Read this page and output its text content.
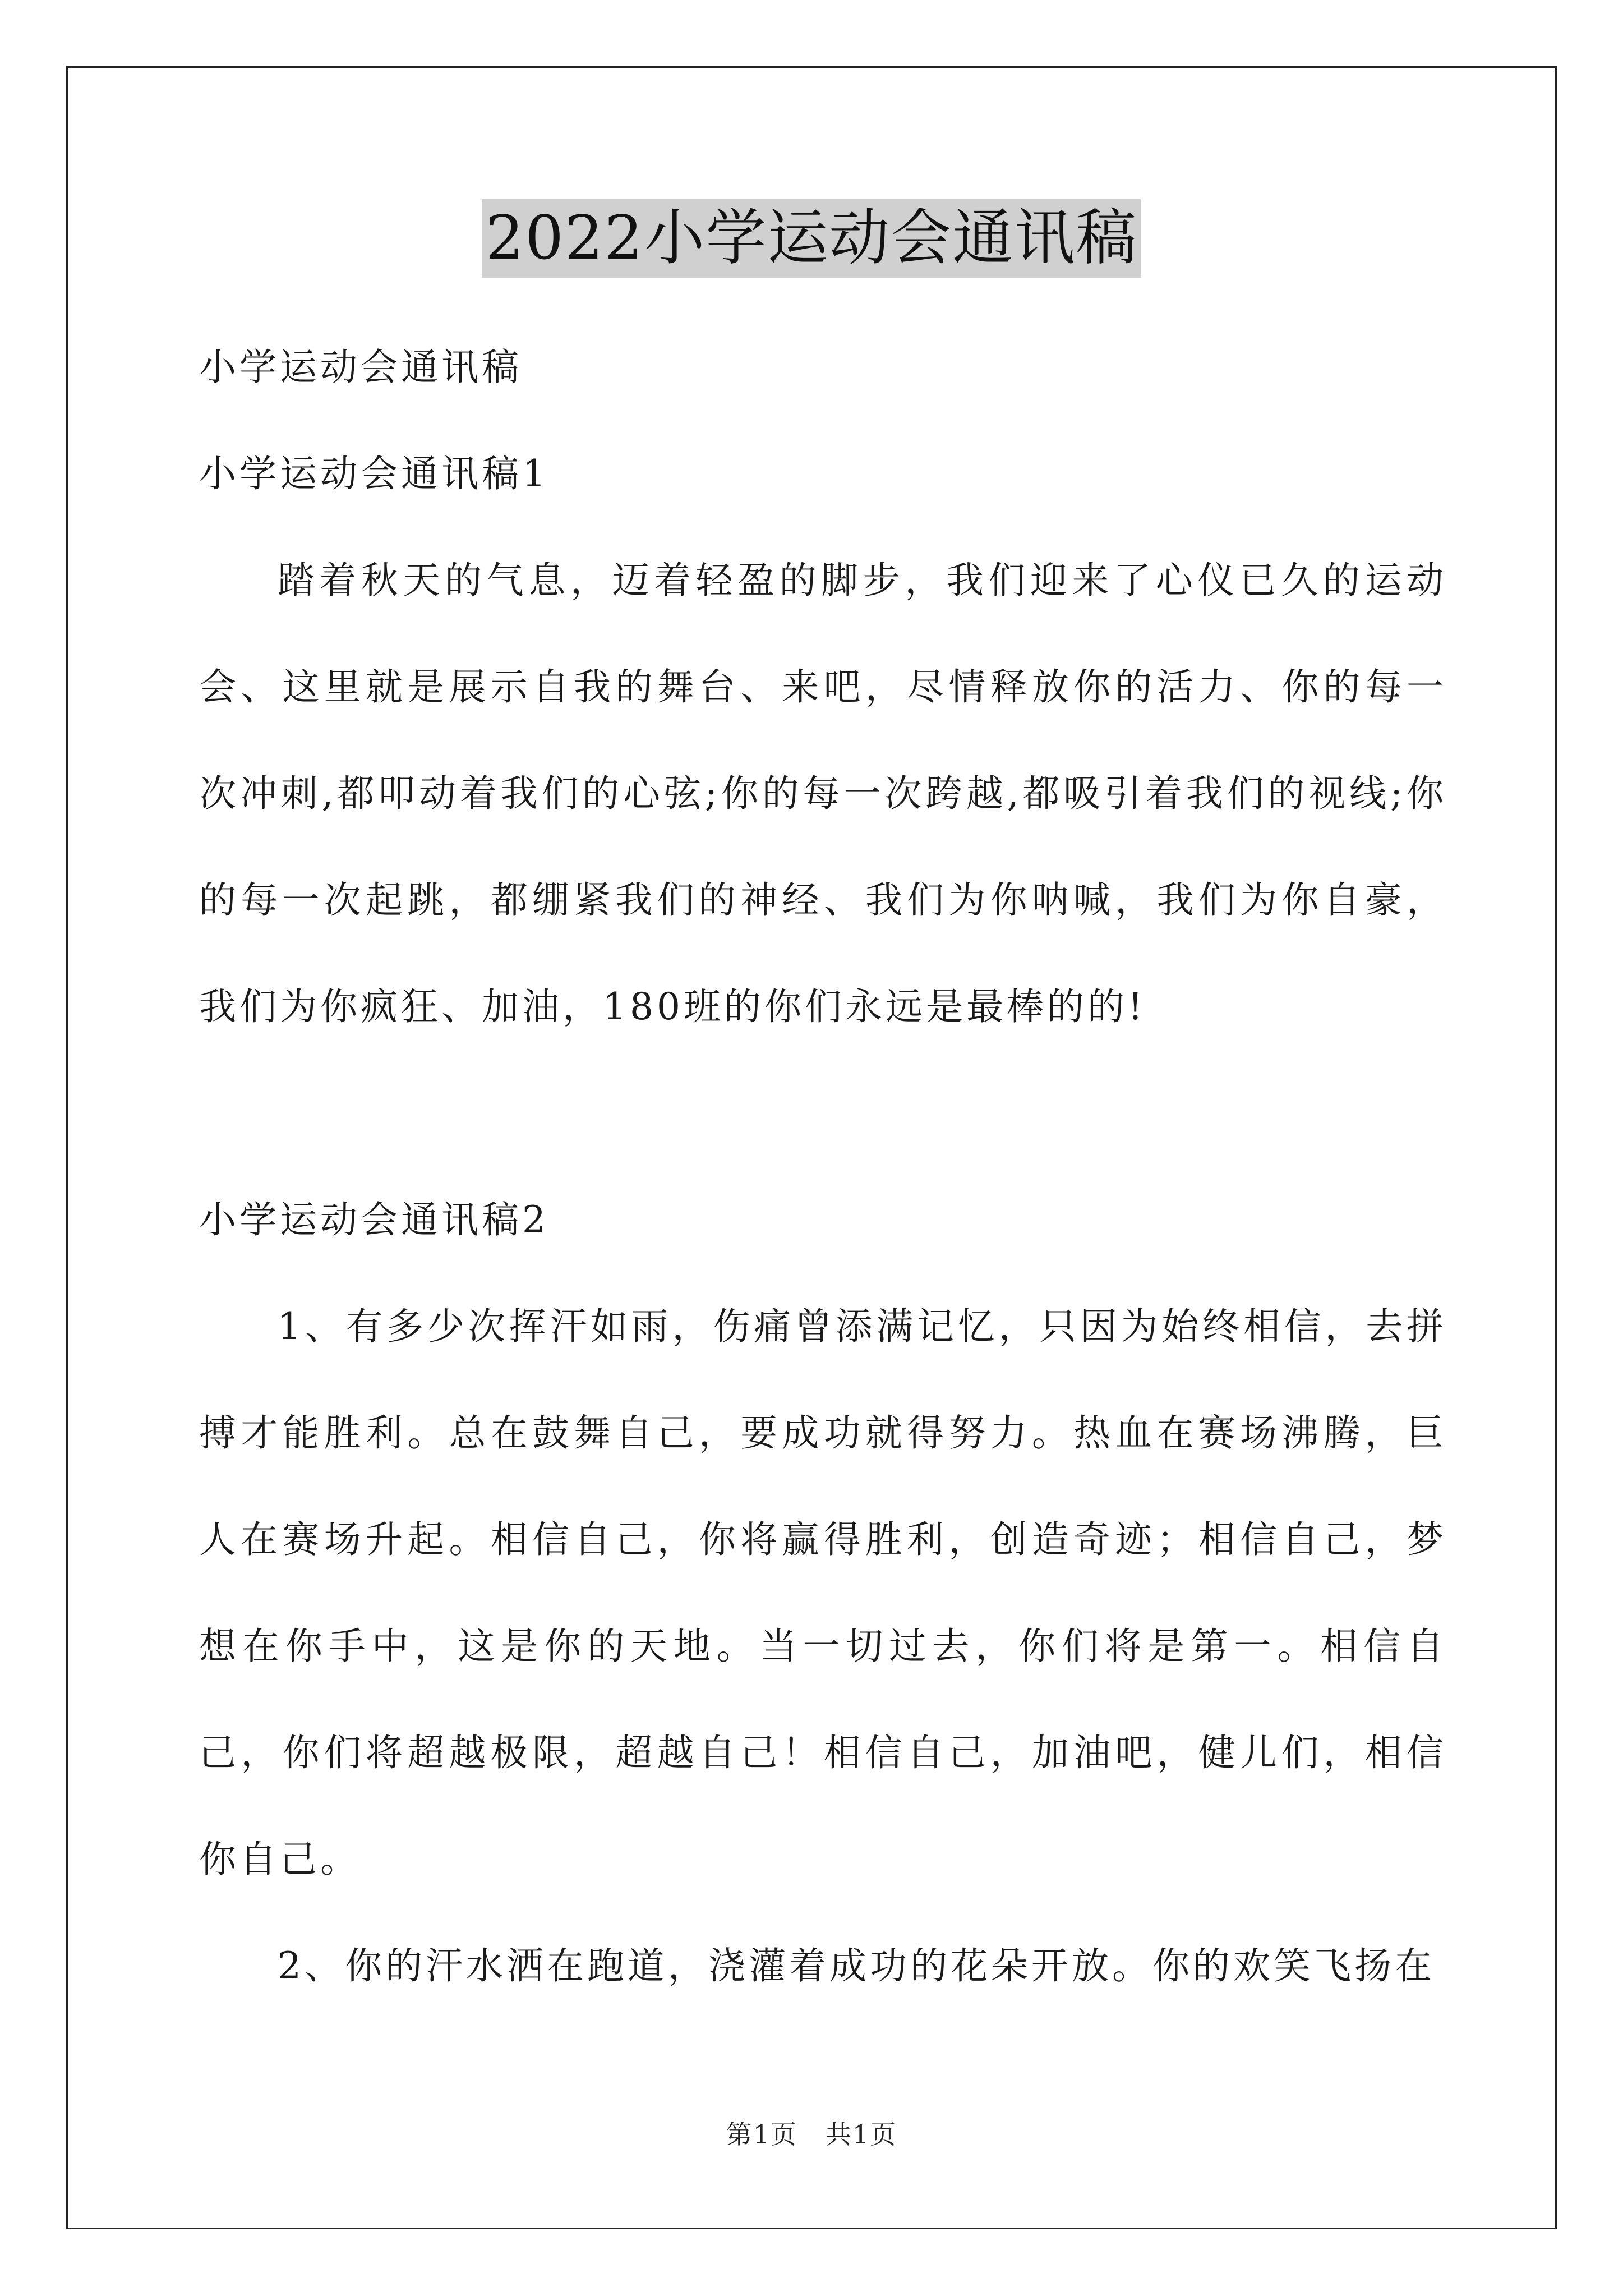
2022小学运动会通讯稿

小学运动会通讯稿

小学运动会通讯稿1

踏着秋天的气息，迈着轻盈的脚步，我们迎来了心仪已久的运动会、这里就是展示自我的舞台、来吧，尽情释放你的活力、你的每一次冲刺,都叩动着我们的心弦;你的每一次跨越,都吸引着我们的视线;你的每一次起跳，都绷紧我们的神经、我们为你呐喊，我们为你自豪，我们为你疯狂、加油，180班的你们永远是最棒的的!

小学运动会通讯稿2

1、有多少次挥汗如雨，伤痛曾添满记忆，只因为始终相信，去拼搏才能胜利。总在鼓舞自己，要成功就得努力。热血在赛场沸腾，巨人在赛场升起。相信自己，你将赢得胜利，创造奇迹；相信自己，梦想在你手中，这是你的天地。当一切过去，你们将是第一。相信自己，你们将超越极限，超越自己！相信自己，加油吧，健儿们，相信你自己。

2、你的汗水洒在跑道，浇灌着成功的花朵开放。你的欢笑飞扬在

第1页 共1页
